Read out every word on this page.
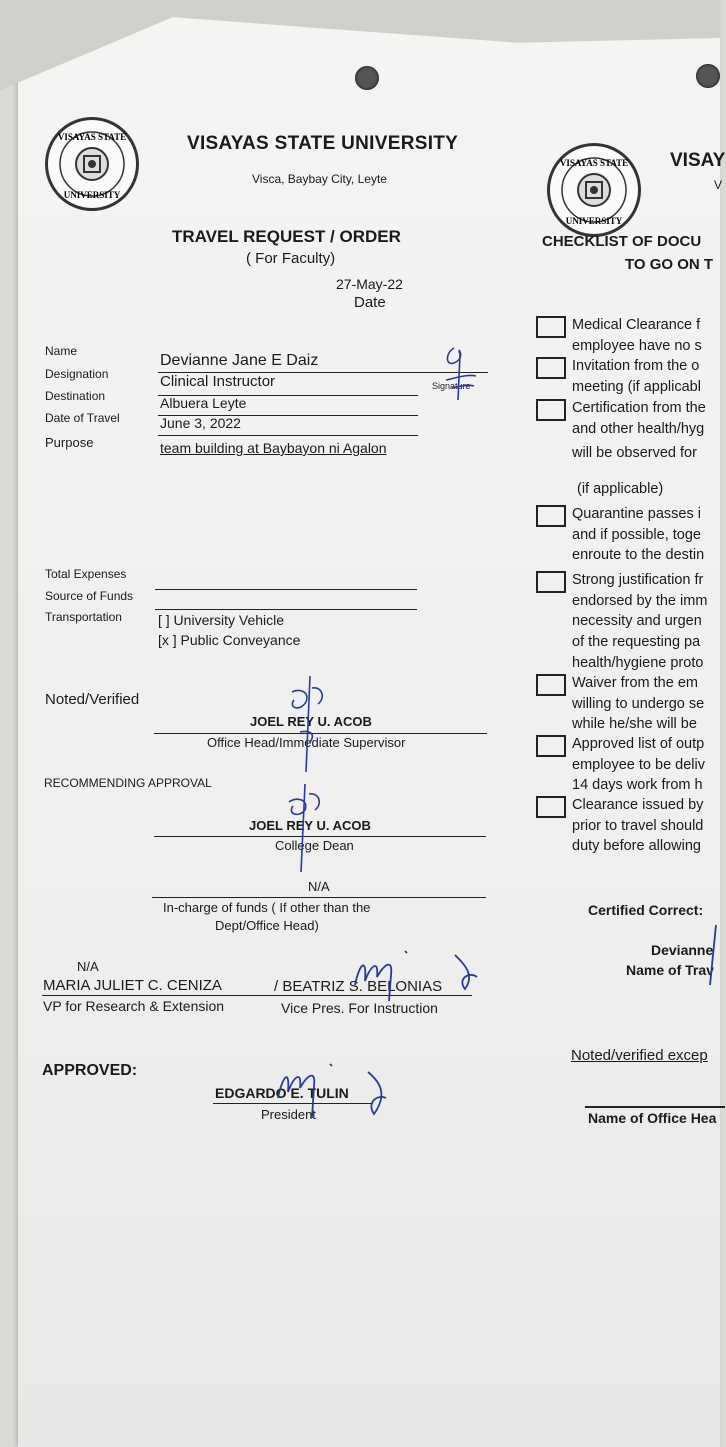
VISAYAS STATE
UNIVERSITY
VISAYAS STATE
UNIVERSITY
VISAYAS STATE UNIVERSITY
Visca, Baybay City, Leyte
TRAVEL REQUEST / ORDER
( For Faculty)
27-May-22
Date
Name
Designation
Destination
Date of Travel
Purpose
Devianne Jane E Daiz
Clinical Instructor
Albuera Leyte
June 3, 2022
team building at Baybayon ni Agalon
Signature
Total Expenses
Source of Funds
Transportation	[ ] University Vehicle
[x ] Public Conveyance
Noted/Verified
JOEL REY U. ACOB
Office Head/Immediate Supervisor
RECOMMENDING APPROVAL
JOEL REY U. ACOB
College Dean
N/A
In-charge of funds ( If other than the
Dept/Office Head)
N/A
MARIA JULIET C. CENIZA
VP for Research & Extension
/ BEATRIZ S. BELONIAS
Vice Pres. For Instruction
APPROVED:
EDGARDO E. TULIN
President
VISAY
V
CHECKLIST OF DOCU
TO GO ON T
Medical Clearance f
employee have no s
Invitation from the o
meeting (if applicabl
Certification from the
and other health/hyg
will be observed for
(if applicable)
Quarantine passes i
and if possible, toge
enroute to the destin
Strong justification fr
endorsed by the imm
necessity and urgen
of the requesting pa
health/hygiene proto
Waiver from the em
willing to undergo se
while he/she will be
Approved list of outp
employee to be deliv
14 days work from h
Clearance issued by
prior to travel should
duty before allowing
Certified Correct:
Devianne
Name of Trav
Noted/verified excep
Name of Office Hea
